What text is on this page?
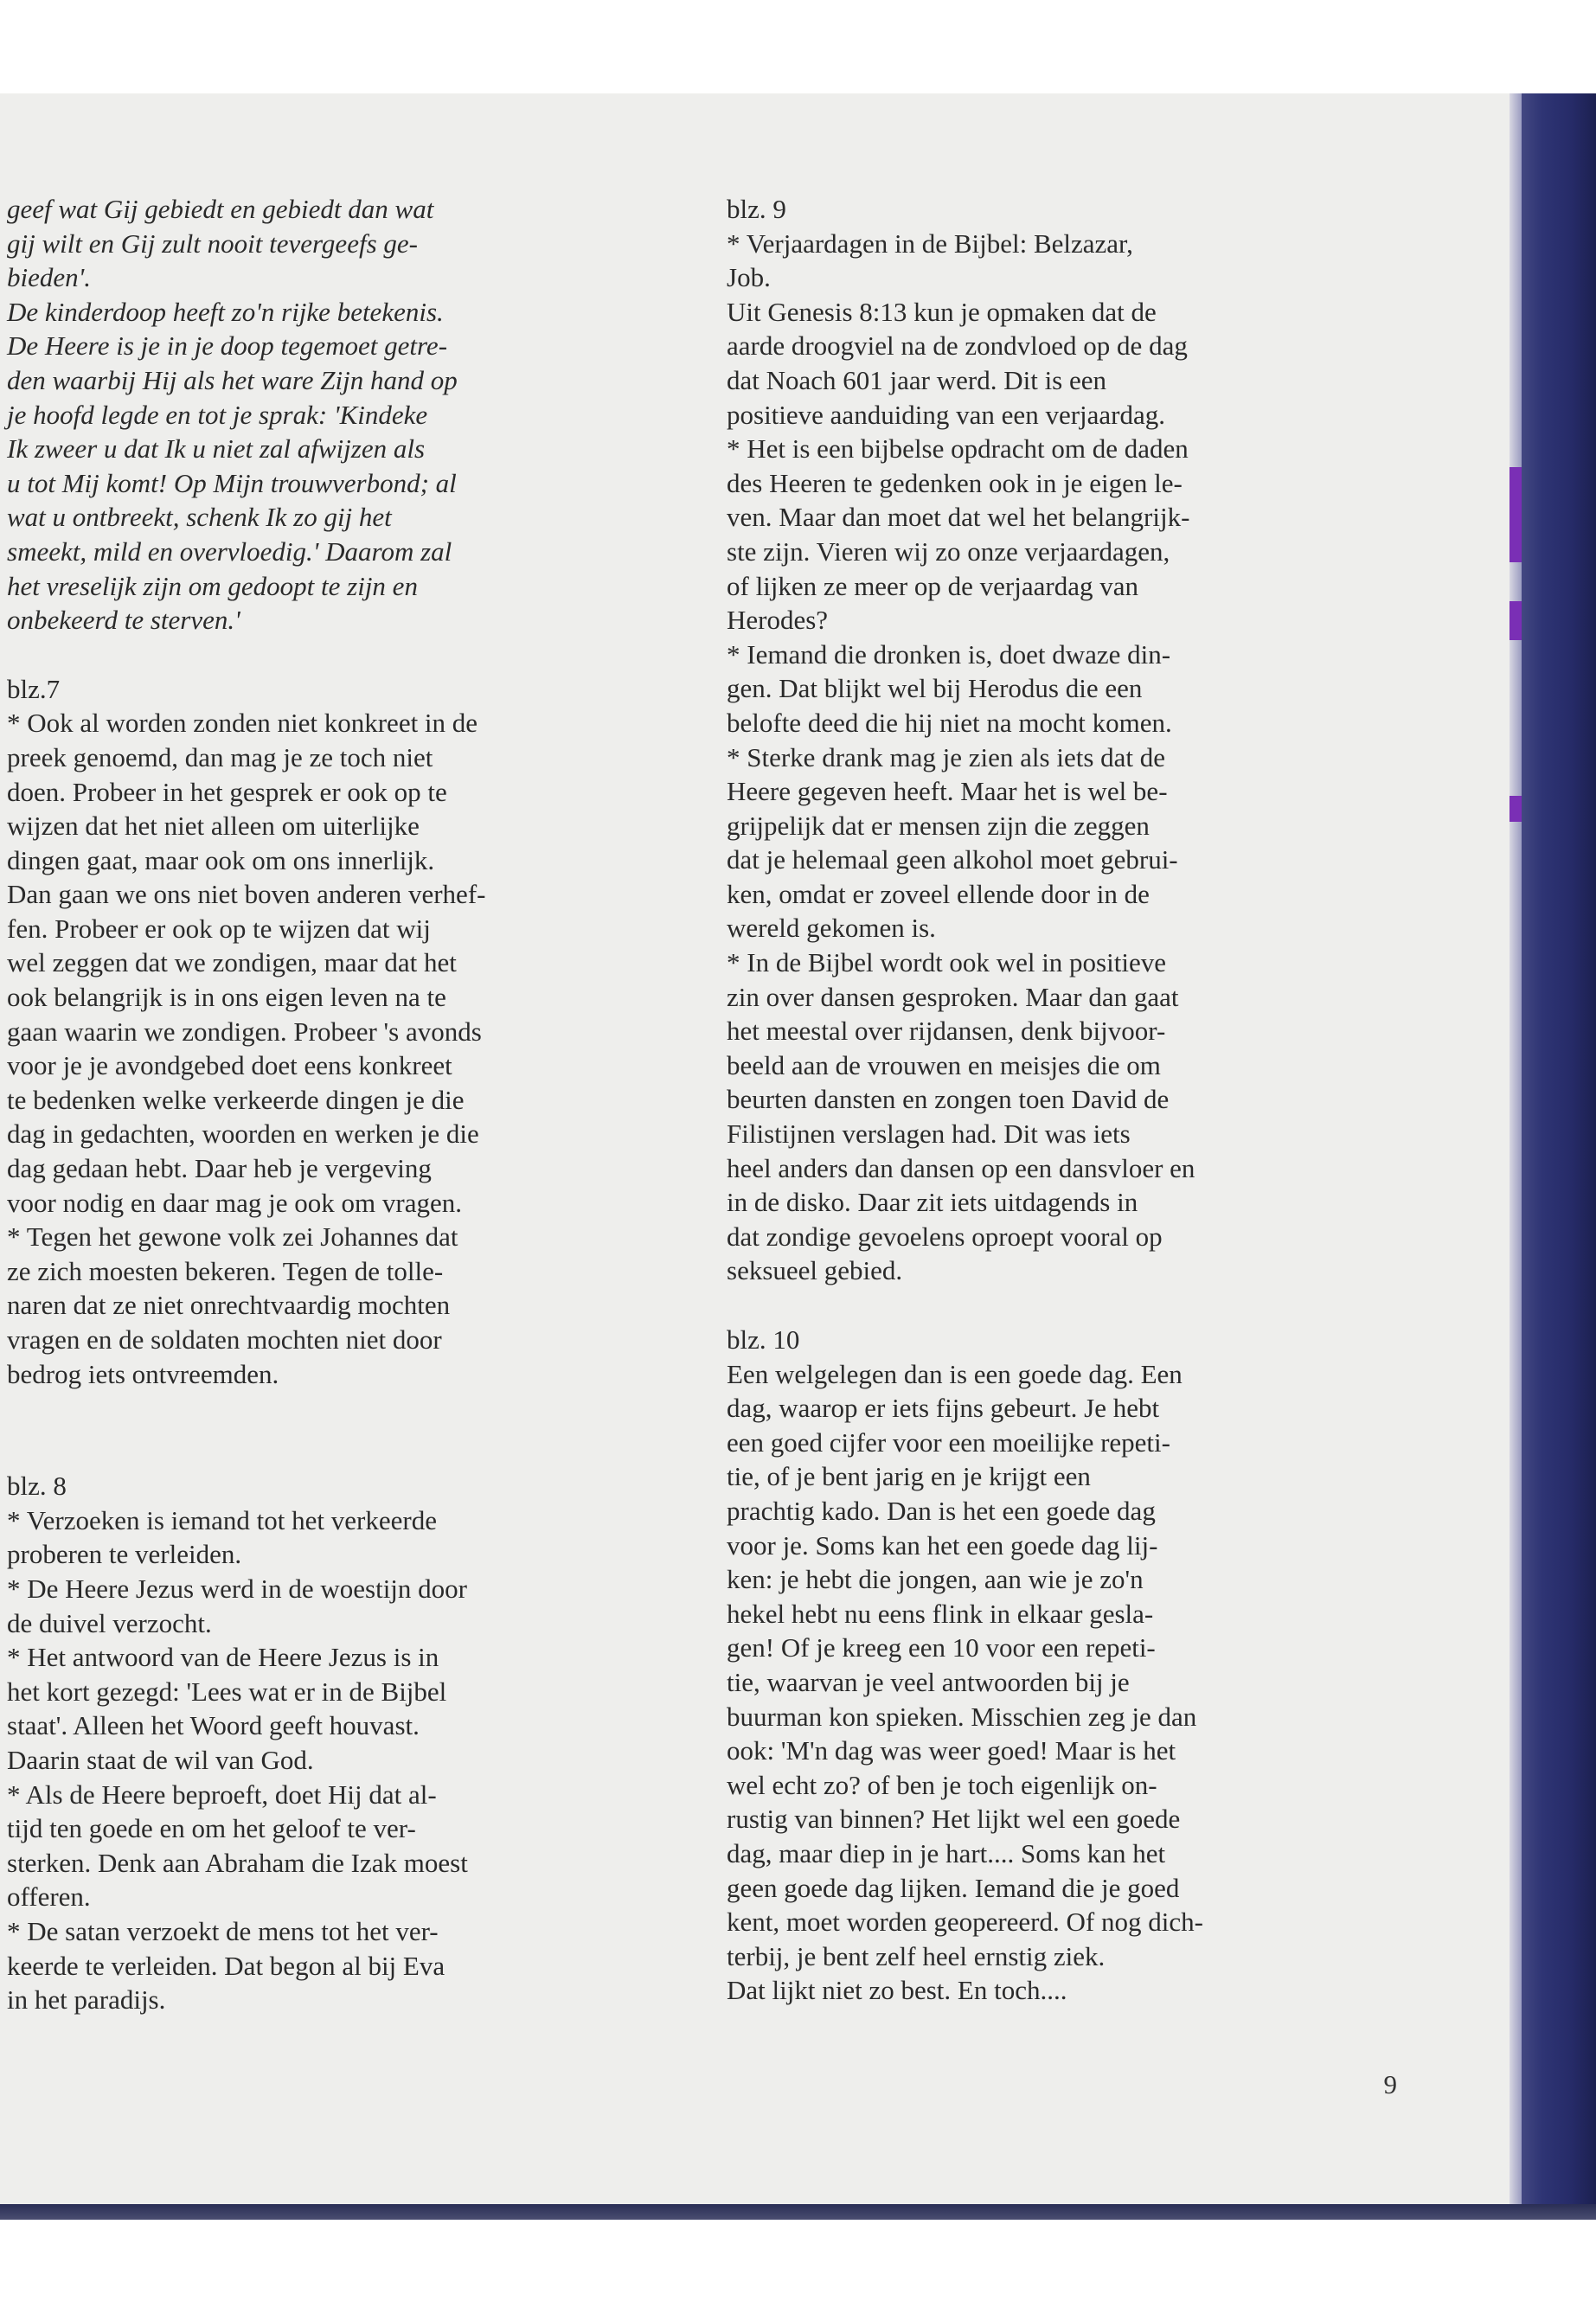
geef wat Gij gebiedt en gebiedt dan wat
gij wilt en Gij zult nooit tevergeefs ge-
bieden'.
De kinderdoop heeft zo'n rijke betekenis.
De Heere is je in je doop tegemoet getre-
den waarbij Hij als het ware Zijn hand op
je hoofd legde en tot je sprak: 'Kindeke
Ik zweer u dat Ik u niet zal afwijzen als
u tot Mij komt! Op Mijn trouwverbond; al
wat u ontbreekt, schenk Ik zo gij het
smeekt, mild en overvloedig.' Daarom zal
het vreselijk zijn om gedoopt te zijn en
onbekeerd te sterven.'
blz.7
* Ook al worden zonden niet konkreet in de
preek genoemd, dan mag je ze toch niet
doen. Probeer in het gesprek er ook op te
wijzen dat het niet alleen om uiterlijke
dingen gaat, maar ook om ons innerlijk.
Dan gaan we ons niet boven anderen verhef-
fen. Probeer er ook op te wijzen dat wij
wel zeggen dat we zondigen, maar dat het
ook belangrijk is in ons eigen leven na te
gaan waarin we zondigen. Probeer 's avonds
voor je je avondgebed doet eens konkreet
te bedenken welke verkeerde dingen je die
dag in gedachten, woorden en werken je die
dag gedaan hebt. Daar heb je vergeving
voor nodig en daar mag je ook om vragen.
* Tegen het gewone volk zei Johannes dat
ze zich moesten bekeren. Tegen de tolle-
naren dat ze niet onrechtvaardig mochten
vragen en de soldaten mochten niet door
bedrog iets ontvreemden.
blz. 8
* Verzoeken is iemand tot het verkeerde
proberen te verleiden.
* De Heere Jezus werd in de woestijn door
de duivel verzocht.
* Het antwoord van de Heere Jezus is in
het kort gezegd: 'Lees wat er in de Bijbel
staat'. Alleen het Woord geeft houvast.
Daarin staat de wil van God.
* Als de Heere beproeft, doet Hij dat al-
tijd ten goede en om het geloof te ver-
sterken. Denk aan Abraham die Izak moest
offeren.
* De satan verzoekt de mens tot het ver-
keerde te verleiden. Dat begon al bij Eva
in het paradijs.
blz. 9
* Verjaardagen in de Bijbel: Belzazar,
Job.
Uit Genesis 8:13 kun je opmaken dat de
aarde droogviel na de zondvloed op de dag
dat Noach 601 jaar werd. Dit is een
positieve aanduiding van een verjaardag.
* Het is een bijbelse opdracht om de daden
des Heeren te gedenken ook in je eigen le-
ven. Maar dan moet dat wel het belangrijk-
ste zijn. Vieren wij zo onze verjaardagen,
of lijken ze meer op de verjaardag van
Herodes?
* Iemand die dronken is, doet dwaze din-
gen. Dat blijkt wel bij Herodus die een
belofte deed die hij niet na mocht komen.
* Sterke drank mag je zien als iets dat de
Heere gegeven heeft. Maar het is wel be-
grijpelijk dat er mensen zijn die zeggen
dat je helemaal geen alkohol moet gebrui-
ken, omdat er zoveel ellende door in de
wereld gekomen is.
* In de Bijbel wordt ook wel in positieve
zin over dansen gesproken. Maar dan gaat
het meestal over rijdansen, denk bijvoor-
beeld aan de vrouwen en meisjes die om
beurten dansten en zongen toen David de
Filistijnen verslagen had. Dit was iets
heel anders dan dansen op een dansvloer en
in de disko. Daar zit iets uitdagends in
dat zondige gevoelens oproept vooral op
seksueel gebied.
blz. 10
Een welgelegen dan is een goede dag. Een
dag, waarop er iets fijns gebeurt. Je hebt
een goed cijfer voor een moeilijke repeti-
tie, of je bent jarig en je krijgt een
prachtig kado. Dan is het een goede dag
voor je. Soms kan het een goede dag lij-
ken: je hebt die jongen, aan wie je zo'n
hekel hebt nu eens flink in elkaar gesla-
gen! Of je kreeg een 10 voor een repeti-
tie, waarvan je veel antwoorden bij je
buurman kon spieken. Misschien zeg je dan
ook: 'M'n dag was weer goed! Maar is het
wel echt zo? of ben je toch eigenlijk on-
rustig van binnen? Het lijkt wel een goede
dag, maar diep in je hart.... Soms kan het
geen goede dag lijken. Iemand die je goed
kent, moet worden geopereerd. Of nog dich-
terbij, je bent zelf heel ernstig ziek.
Dat lijkt niet zo best. En toch....
9
